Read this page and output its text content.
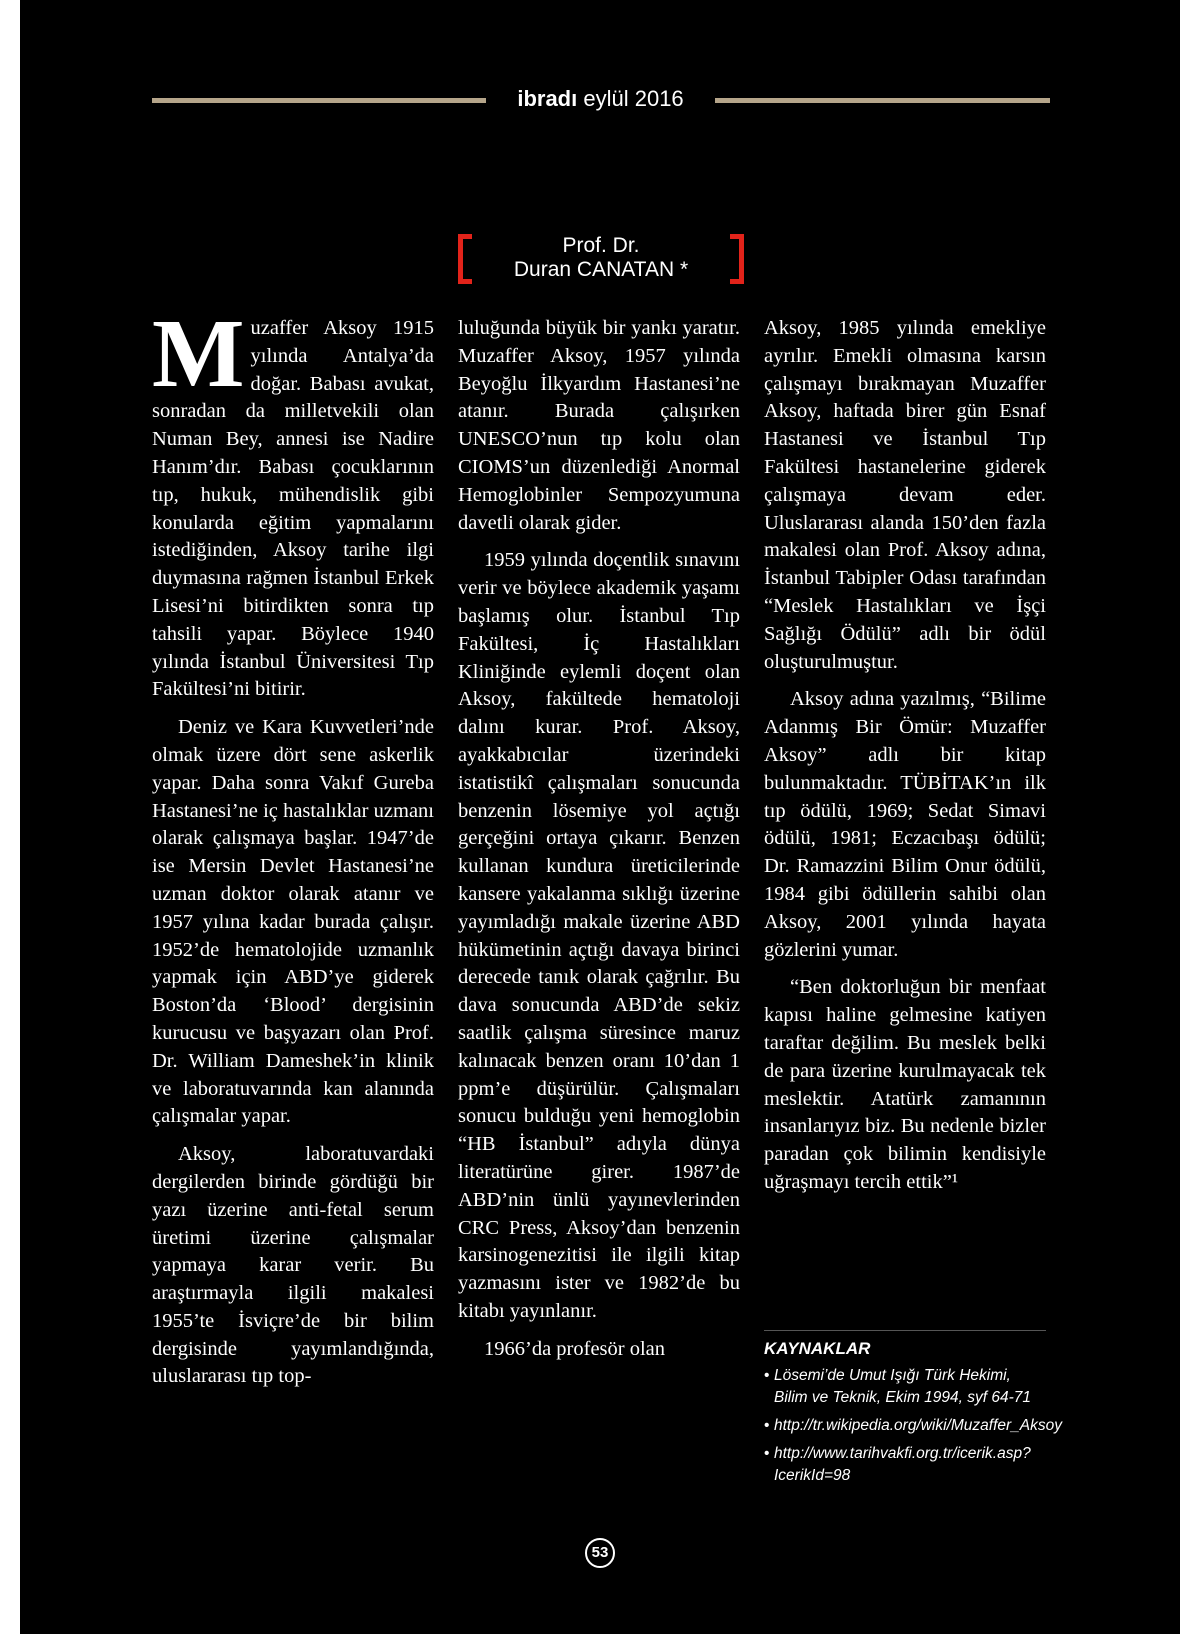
ibradı eylül 2016
Prof. Dr.
Duran CANATAN *

Muzaffer Aksoy 1915 yılında Antalya’da doğar. Babası avukat, sonradan da milletvekili olan Numan Bey, annesi ise Nadire Hanım’dır. Babası çocuklarının tıp, hukuk, mühendislik gibi konularda eğitim yapmalarını istediğinden, Aksoy tarihe ilgi duymasına rağmen İstanbul Erkek Lisesi’ni bitirdikten sonra tıp tahsili yapar. Böylece 1940 yılında İstanbul Üniversitesi Tıp Fakültesi’ni bitirir.

Deniz ve Kara Kuvvetleri’nde olmak üzere dört sene askerlik yapar. Daha sonra Vakıf Gureba Hastanesi’ne iç hastalıklar uzmanı olarak çalışmaya başlar. 1947’de ise Mersin Devlet Hastanesi’ne uzman doktor olarak atanır ve 1957 yılına kadar burada çalışır. 1952’de hematolojide uzmanlık yapmak için ABD’ye giderek Boston’da ‘Blood’ dergisinin kurucusu ve başyazarı olan Prof. Dr. William Dameshek’in klinik ve laboratuvarında kan alanında çalışmalar yapar.

Aksoy, laboratuvardaki dergilerden birinde gördüğü bir yazı üzerine anti-fetal serum üretimi üzerine çalışmalar yapmaya karar verir. Bu araştırmayla ilgili makalesi 1955’te İsviçre’de bir bilim dergisinde yayımlandığında, uluslararası tıp top-

luluğunda büyük bir yankı yaratır. Muzaffer Aksoy, 1957 yılında Beyoğlu İlkyardım Hastanesi’ne atanır. Burada çalışırken UNESCO’nun tıp kolu olan CIOMS’un düzenlediği Anormal Hemoglobinler Sempozyumuna davetli olarak gider.

1959 yılında doçentlik sınavını verir ve böylece akademik yaşamı başlamış olur. İstanbul Tıp Fakültesi, İç Hastalıkları Kliniğinde eylemli doçent olan Aksoy, fakültede hematoloji dalını kurar. Prof. Aksoy, ayakkabıcılar üzerindeki istatistikî çalışmaları sonucunda benzenin lösemiye yol açtığı gerçeğini ortaya çıkarır. Benzen kullanan kundura üreticilerinde kansere yakalanma sıklığı üzerine yayımladığı makale üzerine ABD hükümetinin açtığı davaya birinci derecede tanık olarak çağrılır. Bu dava sonucunda ABD’de sekiz saatlik çalışma süresince maruz kalınacak benzen oranı 10’dan 1 ppm’e düşürülür. Çalışmaları sonucu bulduğu yeni hemoglobin “HB İstanbul” adıyla dünya literatürüne girer. 1987’de ABD’nin ünlü yayınevlerinden CRC Press, Aksoy’dan benzenin karsinogenezitisi ile ilgili kitap yazmasını ister ve 1982’de bu kitabı yayınlanır.

1966’da profesör olan

Aksoy, 1985 yılında emekliye ayrılır. Emekli olmasına karsın çalışmayı bırakmayan Muzaffer Aksoy, haftada birer gün Esnaf Hastanesi ve İstanbul Tıp Fakültesi hastanelerine giderek çalışmaya devam eder. Uluslararası alanda 150’den fazla makalesi olan Prof. Aksoy adına, İstanbul Tabipler Odası tarafından “Meslek Hastalıkları ve İşçi Sağlığı Ödülü” adlı bir ödül oluşturulmuştur.

Aksoy adına yazılmış, “Bilime Adanmış Bir Ömür: Muzaffer Aksoy” adlı bir kitap bulunmaktadır. TÜBİTAK’ın ilk tıp ödülü, 1969; Sedat Simavi ödülü, 1981; Eczacıbaşı ödülü; Dr. Ramazzini Bilim Onur ödülü, 1984 gibi ödüllerin sahibi olan Aksoy, 2001 yılında hayata gözlerini yumar.

“Ben doktorluğun bir menfaat kapısı haline gelmesine katiyen taraftar değilim. Bu meslek belki de para üzerine kurulmayacak tek meslektir. Atatürk zamanının insanlarıyız biz. Bu nedenle bizler paradan çok bilimin kendisiyle uğraşmayı tercih ettik”¹

KAYNAKLAR
• Lösemi’de Umut Işığı Türk Hekimi, Bilim ve Teknik, Ekim 1994, syf 64-71
• http://tr.wikipedia.org/wiki/Muzaffer_Aksoy
• http://www.tarihvakfi.org.tr/icerik.asp?IcerikId=98
53
